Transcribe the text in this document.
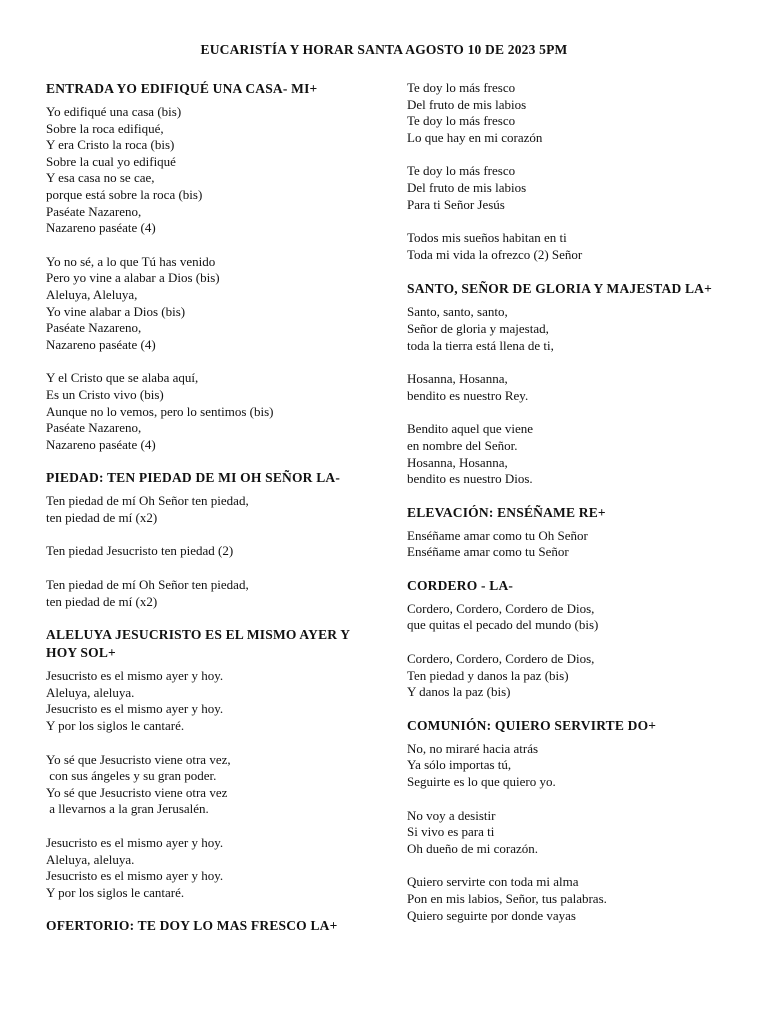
EUCARISTÍA Y HORAR SANTA AGOSTO 10 DE 2023 5PM
ENTRADA YO EDIFIQUÉ UNA CASA- MI+
Yo edifiqué una casa (bis)
Sobre la roca edifiqué,
Y era Cristo la roca (bis)
Sobre la cual yo edifiqué
Y esa casa no se cae,
porque está sobre la roca (bis)
Paséate Nazareno,
Nazareno paséate (4)
Yo no sé, a lo que Tú has venido
Pero yo vine a alabar a Dios (bis)
Aleluya, Aleluya,
Yo vine alabar a Dios (bis)
Paséate Nazareno,
Nazareno paséate (4)
Y el Cristo que se alaba aquí,
Es un Cristo vivo (bis)
Aunque no lo vemos, pero lo sentimos (bis)
Paséate Nazareno,
Nazareno paséate (4)
PIEDAD: TEN PIEDAD DE MI OH SEÑOR LA-
Ten piedad de mí Oh Señor ten piedad,
ten piedad de mí (x2)
Ten piedad Jesucristo ten piedad (2)
Ten piedad de mí Oh Señor ten piedad,
ten piedad de mí (x2)
ALELUYA JESUCRISTO ES EL MISMO AYER Y HOY SOL+
Jesucristo es el mismo ayer y hoy.
Aleluya, aleluya.
Jesucristo es el mismo ayer y hoy.
Y por los siglos le cantaré.
Yo sé que Jesucristo viene otra vez,
con sus ángeles y su gran poder.
Yo sé que Jesucristo viene otra vez
a llevarnos a la gran Jerusalén.
Jesucristo es el mismo ayer y hoy.
Aleluya, aleluya.
Jesucristo es el mismo ayer y hoy.
Y por los siglos le cantaré.
OFERTORIO: TE DOY LO MAS FRESCO LA+
Te doy lo más fresco
Del fruto de mis labios
Te doy lo más fresco
Lo que hay en mi corazón
Te doy lo más fresco
Del fruto de mis labios
Para ti Señor Jesús
Todos mis sueños habitan en ti
Toda mi vida la ofrezco (2) Señor
SANTO, SEÑOR DE GLORIA Y MAJESTAD LA+
Santo, santo, santo,
Señor de gloria y majestad,
toda la tierra está llena de ti,
Hosanna, Hosanna,
bendito es nuestro Rey.
Bendito aquel que viene
en nombre del Señor.
Hosanna, Hosanna,
bendito es nuestro Dios.
ELEVACIÓN: ENSÉÑAME RE+
Enséñame amar como tu Oh Señor
Enséñame amar como tu Señor
CORDERO - LA-
Cordero, Cordero, Cordero de Dios,
que quitas el pecado del mundo (bis)
Cordero, Cordero, Cordero de Dios,
Ten piedad y danos la paz (bis)
Y danos la paz (bis)
COMUNIÓN: QUIERO SERVIRTE DO+
No, no miraré hacia atrás
Ya sólo importas tú,
Seguirte es lo que quiero yo.
No voy a desistir
Si vivo es para ti
Oh dueño de mi corazón.
Quiero servirte con toda mi alma
Pon en mis labios, Señor, tus palabras.
Quiero seguirte por donde vayas
